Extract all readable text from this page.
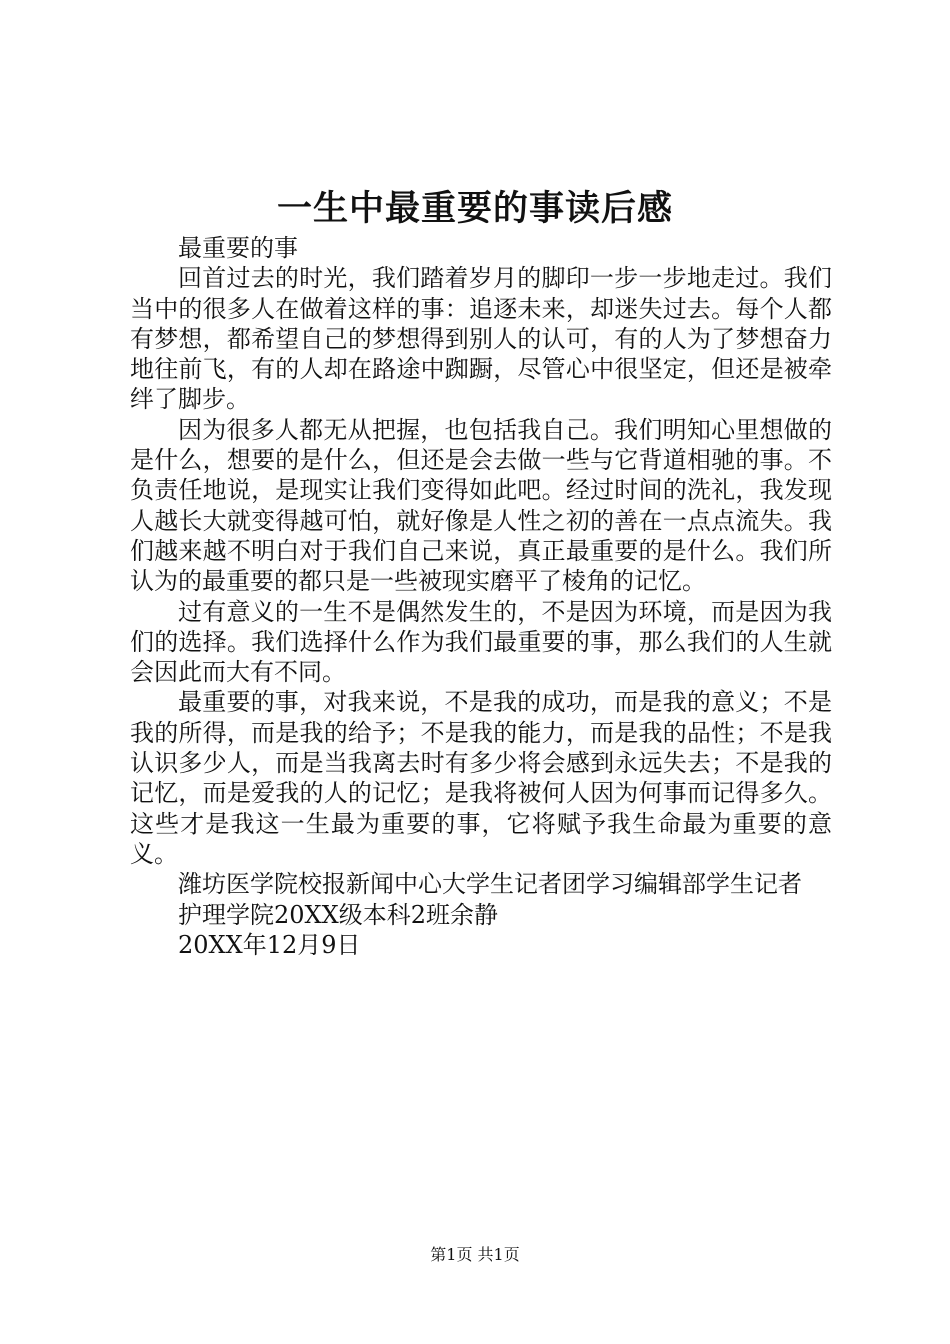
一生中最重要的事读后感

最重要的事

回首过去的时光，我们踏着岁月的脚印一步一步地走过。我们当中的很多人在做着这样的事：追逐未来，却迷失过去。每个人都有梦想，都希望自己的梦想得到别人的认可，有的人为了梦想奋力地往前飞，有的人却在路途中踟蹰，尽管心中很坚定，但还是被牵绊了脚步。

因为很多人都无从把握，也包括我自己。我们明知心里想做的是什么，想要的是什么，但还是会去做一些与它背道相驰的事。不负责任地说，是现实让我们变得如此吧。经过时间的洗礼，我发现人越长大就变得越可怕，就好像是人性之初的善在一点点流失。我们越来越不明白对于我们自己来说，真正最重要的是什么。我们所认为的最重要的都只是一些被现实磨平了棱角的记忆。

过有意义的一生不是偶然发生的，不是因为环境，而是因为我们的选择。我们选择什么作为我们最重要的事，那么我们的人生就会因此而大有不同。

最重要的事，对我来说，不是我的成功，而是我的意义；不是我的所得，而是我的给予；不是我的能力，而是我的品性；不是我认识多少人，而是当我离去时有多少将会感到永远失去；不是我的记忆，而是爱我的人的记忆；是我将被何人因为何事而记得多久。这些才是我这一生最为重要的事，它将赋予我生命最为重要的意义。

潍坊医学院校报新闻中心大学生记者团学习编辑部学生记者

护理学院20XX级本科2班余静

20XX年12月9日

第1页 共1页
